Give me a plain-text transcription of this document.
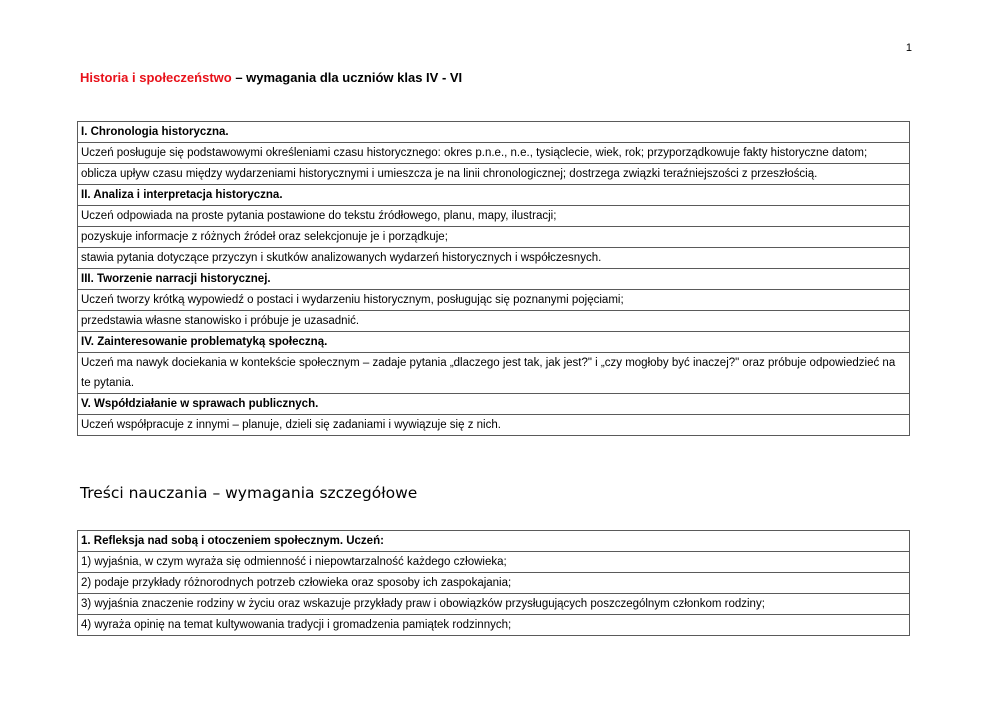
1
Historia i społeczeństwo – wymagania dla uczniów klas IV - VI
I. Chronologia historyczna.
Uczeń posługuje się podstawowymi określeniami czasu historycznego: okres p.n.e., n.e., tysiąclecie, wiek, rok; przyporządkowuje fakty historyczne datom;
oblicza upływ czasu między wydarzeniami historycznymi i umieszcza je na linii chronologicznej; dostrzega związki teraźniejszości z przeszłością.
II. Analiza i interpretacja historyczna.
Uczeń odpowiada na proste pytania postawione do tekstu źródłowego, planu, mapy, ilustracji;
pozyskuje informacje z różnych źródeł oraz selekcjonuje je i porządkuje;
stawia pytania dotyczące przyczyn i skutków analizowanych wydarzeń historycznych i współczesnych.
III. Tworzenie narracji historycznej.
Uczeń tworzy krótką wypowiedź o postaci i wydarzeniu historycznym, posługując się poznanymi pojęciami;
przedstawia własne stanowisko i próbuje je uzasadnić.
IV. Zainteresowanie problematyką społeczną.
Uczeń ma nawyk dociekania w kontekście społecznym – zadaje pytania „dlaczego jest tak, jak jest?" i „czy mogłoby być inaczej?" oraz próbuje odpowiedzieć na te pytania.
V. Współdziałanie w sprawach publicznych.
Uczeń współpracuje z innymi – planuje, dzieli się zadaniami i wywiązuje się z nich.
Treści nauczania – wymagania szczegółowe
1. Refleksja nad sobą i otoczeniem społecznym. Uczeń:
1) wyjaśnia, w czym wyraża się odmienność i niepowtarzalność każdego człowieka;
2) podaje przykłady różnorodnych potrzeb człowieka oraz sposoby ich zaspokajania;
3) wyjaśnia znaczenie rodziny w życiu oraz wskazuje przykłady praw i obowiązków przysługujących poszczególnym członkom rodziny;
4) wyraża opinię na temat kultywowania tradycji i gromadzenia pamiątek rodzinnych;
